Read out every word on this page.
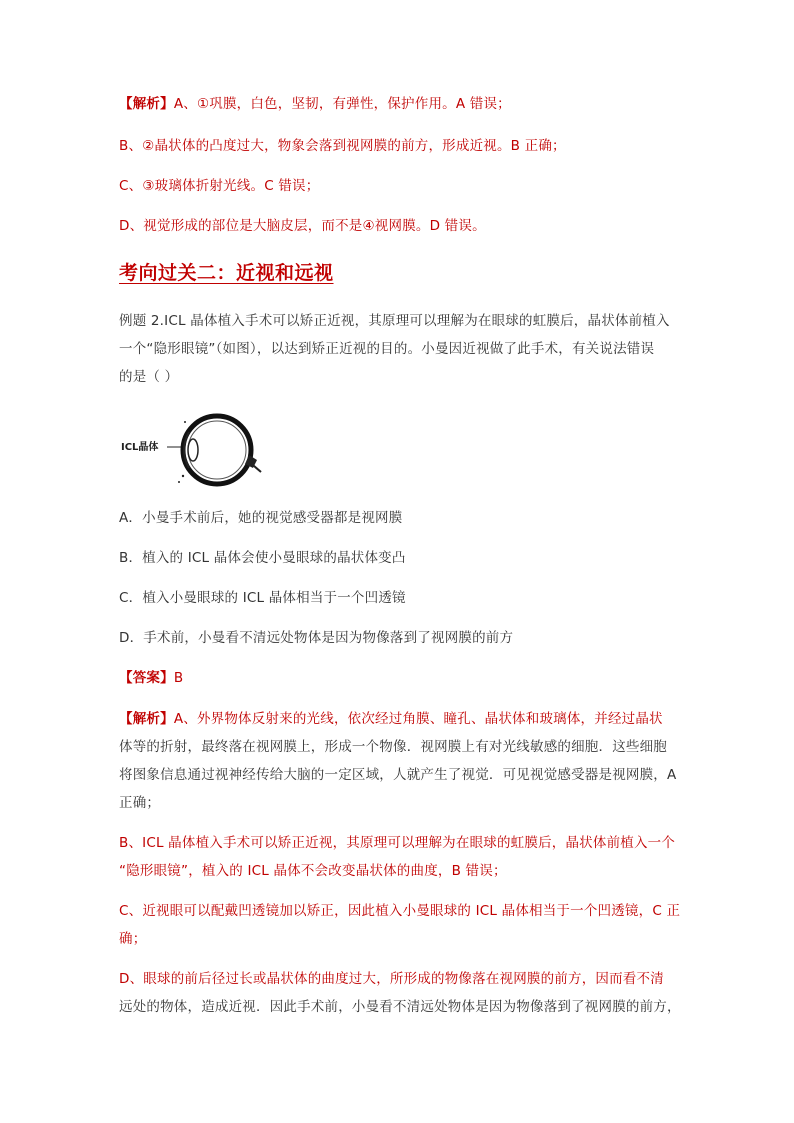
【解析】A、①巩膜，白色，坚韧，有弹性，保护作用。A 错误；
B、②晶状体的凸度过大，物象会落到视网膜的前方，形成近视。B 正确；
C、③玻璃体折射光线。C 错误；
D、视觉形成的部位是大脑皮层，而不是④视网膜。D 错误。
考向过关二：近视和远视
例题 2.ICL 晶体植入手术可以矫正近视，其原理可以理解为在眼球的虹膜后，晶状体前植入
一个“隐形眼镜”（如图），以达到矫正近视的目的。小曼因近视做了此手术，有关说法错误
的是（ ）
ICL晶体
A．小曼手术前后，她的视觉感受器都是视网膜
B．植入的 ICL 晶体会使小曼眼球的晶状体变凸
C．植入小曼眼球的 ICL 晶体相当于一个凹透镜
D．手术前，小曼看不清远处物体是因为物像落到了视网膜的前方
【答案】B
【解析】A、外界物体反射来的光线，依次经过角膜、瞳孔、晶状体和玻璃体，并经过晶状
体等的折射，最终落在视网膜上，形成一个物像．视网膜上有对光线敏感的细胞．这些细胞
将图象信息通过视神经传给大脑的一定区域，人就产生了视觉．可见视觉感受器是视网膜，A
正确；
B、ICL 晶体植入手术可以矫正近视，其原理可以理解为在眼球的虹膜后，晶状体前植入一个
“隐形眼镜”，植入的 ICL 晶体不会改变晶状体的曲度，B 错误；
C、近视眼可以配戴凹透镜加以矫正，因此植入小曼眼球的 ICL 晶体相当于一个凹透镜，C 正
确；
D、眼球的前后径过长或晶状体的曲度过大，所形成的物像落在视网膜的前方，因而看不清
远处的物体，造成近视．因此手术前，小曼看不清远处物体是因为物像落到了视网膜的前方，
